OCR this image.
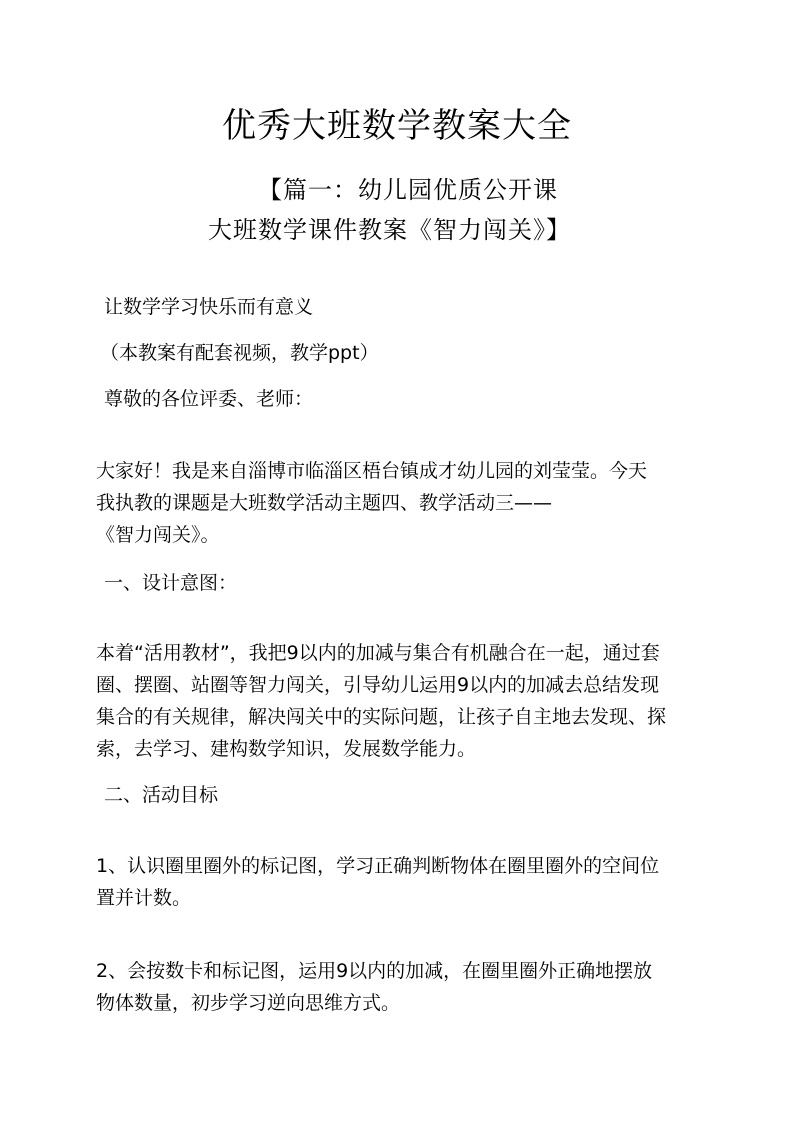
优秀大班数学教案大全

【篇一：幼儿园优质公开课

大班数学课件教案《智力闯关》】

让数学学习快乐而有意义

（本教案有配套视频，教学ppt）

尊敬的各位评委、老师：

大家好！我是来自淄博市临淄区梧台镇成才幼儿园的刘莹莹。今天

我执教的课题是大班数学活动主题四、教学活动三——

《智力闯关》。

一、设计意图：

本着“活用教材”，我把9以内的加减与集合有机融合在一起，通过套

圈、摆圈、站圈等智力闯关，引导幼儿运用9以内的加减去总结发现

集合的有关规律，解决闯关中的实际问题，让孩子自主地去发现、探

索，去学习、建构数学知识，发展数学能力。

二、活动目标

1、认识圈里圈外的标记图，学习正确判断物体在圈里圈外的空间位

置并计数。

2、会按数卡和标记图，运用9以内的加减，在圈里圈外正确地摆放

物体数量，初步学习逆向思维方式。
